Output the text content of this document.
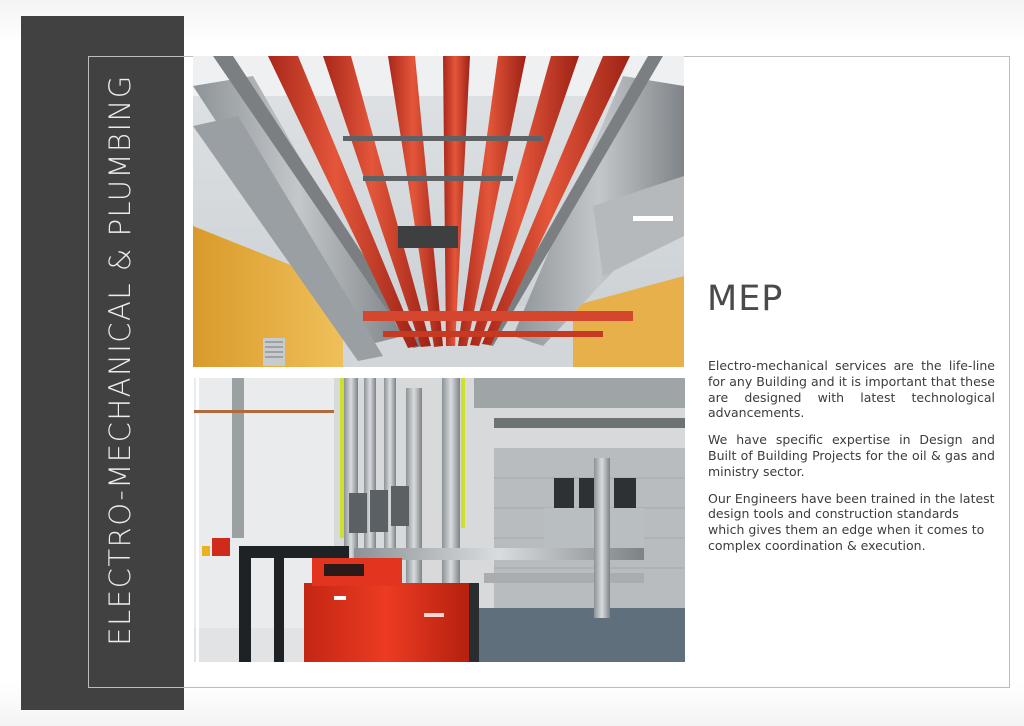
ELECTRO-MECHANICAL & PLUMBING	MEP

Electro-mechanical services are the life-line for any Building and it is important that these are designed with latest technological advancements.

We have specific expertise in Design and Built of Building Projects for the oil & gas and ministry sector.

Our Engineers have been trained in the latest design tools and construction standards which gives them an edge when it comes to complex coordination & execution.
